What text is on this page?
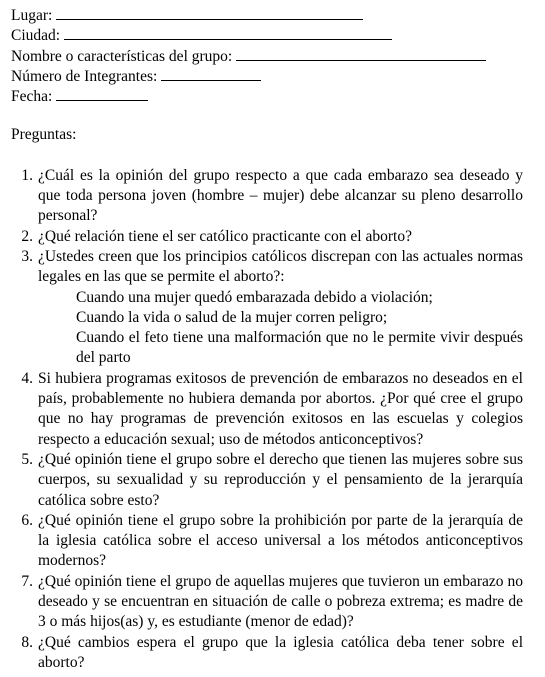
Lugar:
Ciudad:
Nombre o características del grupo:
Número de Integrantes:
Fecha:
Preguntas:
1. ¿Cuál es la opinión del grupo respecto a que cada embarazo sea deseado y que toda persona joven (hombre – mujer) debe alcanzar su pleno desarrollo personal?
2. ¿Qué relación tiene el ser católico practicante con el aborto?
3. ¿Ustedes creen que los principios católicos discrepan con las actuales normas legales en las que se permite el aborto?:
Cuando una mujer quedó embarazada debido a violación;
Cuando la vida o salud de la mujer corren peligro;
Cuando el feto tiene una malformación que no le permite vivir después del parto
4. Si hubiera programas exitosos de prevención de embarazos no deseados en el país, probablemente no hubiera demanda por abortos. ¿Por qué cree el grupo que no hay programas de prevención exitosos en las escuelas y colegios respecto a educación sexual; uso de métodos anticonceptivos?
5. ¿Qué opinión tiene el grupo sobre el derecho que tienen las mujeres sobre sus cuerpos, su sexualidad y su reproducción y el pensamiento de la jerarquía católica sobre esto?
6. ¿Qué opinión tiene el grupo sobre la prohibición por parte de la jerarquía de la iglesia católica sobre el acceso universal a los métodos anticonceptivos modernos?
7. ¿Qué opinión tiene el grupo de aquellas mujeres que tuvieron un embarazo no deseado y se encuentran en situación de calle o pobreza extrema; es madre de 3 o más hijos(as) y, es estudiante (menor de edad)?
8. ¿Qué cambios espera el grupo que la iglesia católica deba tener sobre el aborto?
